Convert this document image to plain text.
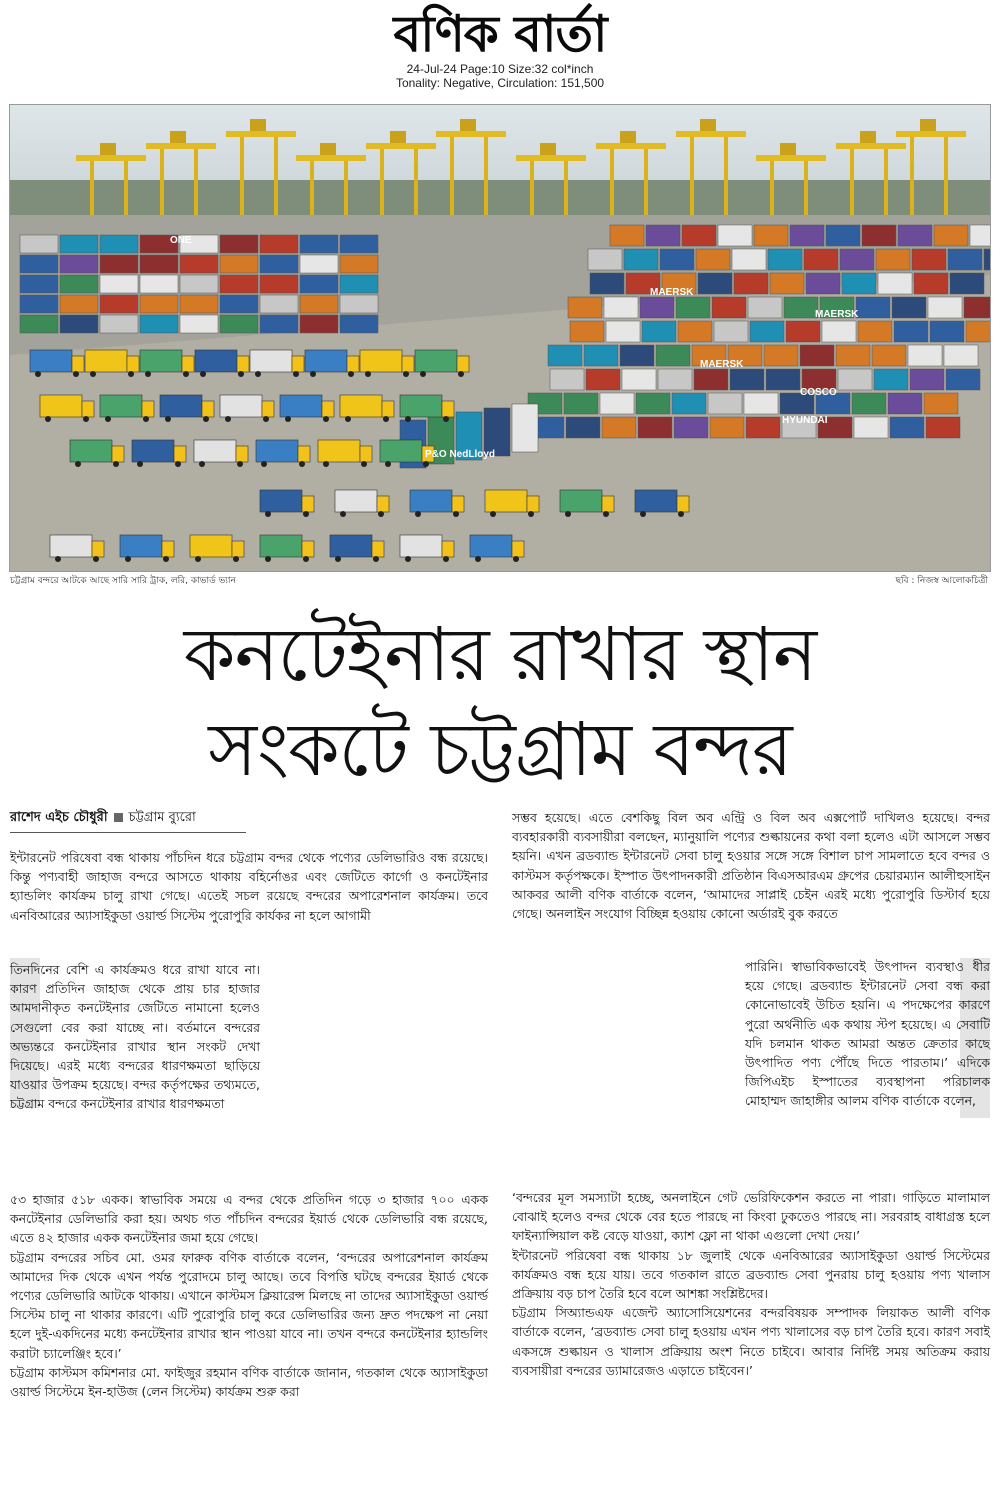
বণিক বার্তা
24-Jul-24 Page:10 Size:32 col*inch
Tonality: Negative, Circulation: 151,500
MAERSK
MAERSK
MAERSK
COSCO
HYUNDAI
ONE
P&O NedLloyd
চট্টগ্রাম বন্দরে আটকে আছে সারি সারি ট্রাক, লরি, কাভার্ড ভ্যান	ছবি : নিজস্ব আলোকচিত্রী
কনটেইনার রাখার স্থান
সংকটে চট্টগ্রাম বন্দর
রাশেদ এইচ চৌধুরী চট্টগ্রাম ব্যুরো

ইন্টারনেট পরিষেবা বন্ধ থাকায় পাঁচদিন ধরে চট্টগ্রাম বন্দর থেকে পণ্যের ডেলিভারিও বন্ধ রয়েছে। কিন্তু পণ্যবাহী জাহাজ বন্দরে আসতে থাকায় বহির্নোঙর এবং জেটিতে কার্গো ও কনটেইনার হ্যান্ডলিং কার্যক্রম চালু রাখা গেছে। এতেই সচল রয়েছে বন্দরের অপারেশনাল কার্যক্রম। তবে এনবিআরের অ্যাসাইকুডা ওয়ার্ল্ড সিস্টেম পুরোপুরি কার্যকর না হলে আগামী

তিনদিনের বেশি এ কার্যক্রমও ধরে রাখা যাবে না। কারণ প্রতিদিন জাহাজ থেকে প্রায় চার হাজার আমদানীকৃত কনটেইনার জেটিতে নামানো হলেও সেগুলো বের করা যাচ্ছে না। বর্তমানে বন্দরের অভ্যন্তরে কনটেইনার রাখার স্থান সংকট দেখা দিয়েছে। এরই মধ্যে বন্দরের ধারণক্ষমতা ছাড়িয়ে যাওয়ার উপক্রম হয়েছে। বন্দর কর্তৃপক্ষের তথ্যমতে, চট্টগ্রাম বন্দরে কনটেইনার রাখার ধারণক্ষমতা

৫৩ হাজার ৫১৮ একক। স্বাভাবিক সময়ে এ বন্দর থেকে প্রতিদিন গড়ে ৩ হাজার ৭০০ একক কনটেইনার ডেলিভারি করা হয়। অথচ গত পাঁচদিন বন্দরের ইয়ার্ড থেকে ডেলিভারি বন্ধ রয়েছে, এতে ৪২ হাজার একক কনটেইনার জমা হয়ে গেছে।

চট্টগ্রাম বন্দরের সচিব মো. ওমর ফারুক বণিক বার্তাকে বলেন, ‘বন্দরের অপারেশনাল কার্যক্রম আমাদের দিক থেকে এখন পর্যন্ত পুরোদমে চালু আছে। তবে বিপত্তি ঘটছে বন্দরের ইয়ার্ড থেকে পণ্যের ডেলিভারি আটকে থাকায়। এখানে কাস্টমস ক্লিয়ারেন্স মিলছে না তাদের অ্যাসাইকুডা ওয়ার্ল্ড সিস্টেম চালু না থাকার কারণে। এটি পুরোপুরি চালু করে ডেলিভারির জন্য দ্রুত পদক্ষেপ না নেয়া হলে দুই-একদিনের মধ্যে কনটেইনার রাখার স্থান পাওয়া যাবে না। তখন বন্দরে কনটেইনার হ্যান্ডলিং করাটা চ্যালেঞ্জিং হবে।’

চট্টগ্রাম কাস্টমস কমিশনার মো. ফাইজুর রহমান বণিক বার্তাকে জানান, গতকাল থেকে অ্যাসাইকুডা ওয়ার্ল্ড সিস্টেমে ইন-হাউজ (লেন সিস্টেম) কার্যক্রম শুরু করা

সম্ভব হয়েছে। এতে বেশকিছু বিল অব এন্ট্রি ও বিল অব এক্সপোর্ট দাখিলও হয়েছে। বন্দর ব্যবহারকারী ব্যবসায়ীরা বলছেন, ম্যানুয়ালি পণ্যের শুল্কায়নের কথা বলা হলেও এটা আসলে সম্ভব হয়নি। এখন ব্রডব্যান্ড ইন্টারনেট সেবা চালু হওয়ার সঙ্গে সঙ্গে বিশাল চাপ সামলাতে হবে বন্দর ও কাস্টমস কর্তৃপক্ষকে। ইস্পাত উৎপাদনকারী প্রতিষ্ঠান বিএসআরএম গ্রুপের চেয়ারম্যান আলীহুসাইন আকবর আলী বণিক বার্তাকে বলেন, ‘আমাদের সাপ্লাই চেইন এরই মধ্যে পুরোপুরি ডিস্টার্ব হয়ে গেছে। অনলাইন সংযোগ বিচ্ছিন্ন হওয়ায় কোনো অর্ডারই বুক করতে

পারিনি। স্বাভাবিকভাবেই উৎপাদন ব্যবস্থাও ধীর হয়ে গেছে। ব্রডব্যান্ড ইন্টারনেট সেবা বন্ধ করা কোনোভাবেই উচিত হয়নি। এ পদক্ষেপের কারণে পুরো অর্থনীতি এক কথায় স্টপ হয়েছে। এ সেবাটি যদি চলমান থাকত আমরা অন্তত ক্রেতার কাছে উৎপাদিত পণ্য পৌঁছে দিতে পারতাম।’ এদিকে জিপিএইচ ইস্পাতের ব্যবস্থাপনা পরিচালক মোহাম্মদ জাহাঙ্গীর আলম বণিক বার্তাকে বলেন,

‘বন্দরের মূল সমস্যাটা হচ্ছে, অনলাইনে গেট ভেরিফিকেশন করতে না পারা। গাড়িতে মালামাল বোঝাই হলেও বন্দর থেকে বের হতে পারছে না কিংবা ঢুকতেও পারছে না। সরবরাহ বাধাগ্রস্ত হলে ফাইন্যান্সিয়াল কষ্ট বেড়ে যাওয়া, ক্যাশ ফ্লো না থাকা এগুলো দেখা দেয়।’

ইন্টারনেট পরিষেবা বন্ধ থাকায় ১৮ জুলাই থেকে এনবিআরের অ্যাসাইকুডা ওয়ার্ল্ড সিস্টেমের কার্যক্রমও বন্ধ হয়ে যায়। তবে গতকাল রাতে ব্রডব্যান্ড সেবা পুনরায় চালু হওয়ায় পণ্য খালাস প্রক্রিয়ায় বড় চাপ তৈরি হবে বলে আশঙ্কা সংশ্লিষ্টদের।

চট্টগ্রাম সিঅ্যান্ডএফ এজেন্ট অ্যাসোসিয়েশনের বন্দরবিষয়ক সম্পাদক লিয়াকত আলী বণিক বার্তাকে বলেন, ‘ব্রডব্যান্ড সেবা চালু হওয়ায় এখন পণ্য খালাসের বড় চাপ তৈরি হবে। কারণ সবাই একসঙ্গে শুল্কায়ন ও খালাস প্রক্রিয়ায় অংশ নিতে চাইবে। আবার নির্দিষ্ট সময় অতিক্রম করায় ব্যবসায়ীরা বন্দরের ড্যামারেজও এড়াতে চাইবেন।’
